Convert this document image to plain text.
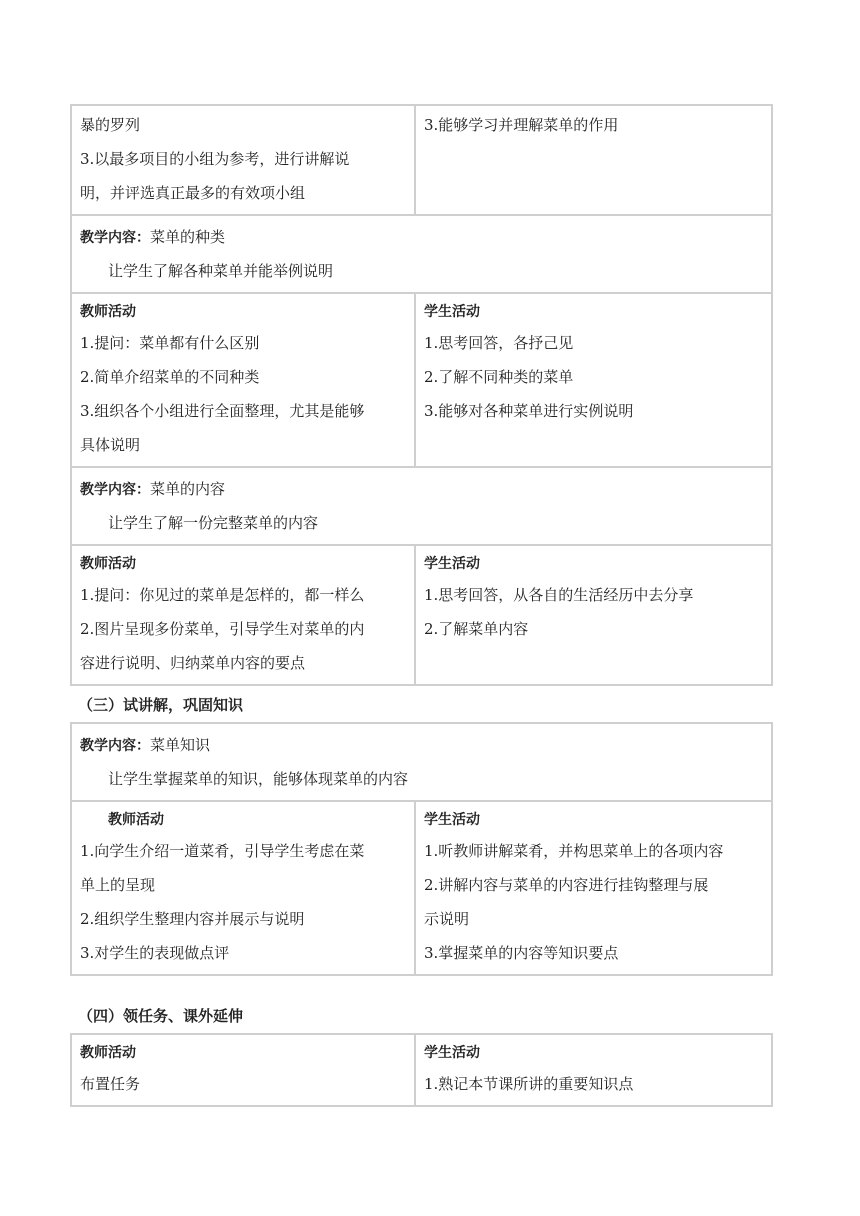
暴的罗列
3.以最多项目的小组为参考，进行讲解说
明，并评选真正最多的有效项小组
3.能够学习并理解菜单的作用
教学内容：菜单的种类
让学生了解各种菜单并能举例说明
教师活动
1.提问：菜单都有什么区别
2.简单介绍菜单的不同种类
3.组织各个小组进行全面整理，尤其是能够
具体说明
学生活动
1.思考回答，各抒己见
2.了解不同种类的菜单
3.能够对各种菜单进行实例说明
教学内容：菜单的内容
让学生了解一份完整菜单的内容
教师活动
1.提问：你见过的菜单是怎样的，都一样么
2.图片呈现多份菜单，引导学生对菜单的内
容进行说明、归纳菜单内容的要点
学生活动
1.思考回答，从各自的生活经历中去分享
2.了解菜单内容
（三）试讲解，巩固知识
教学内容：菜单知识
让学生掌握菜单的知识，能够体现菜单的内容
教师活动
1.向学生介绍一道菜肴，引导学生考虑在菜
单上的呈现
2.组织学生整理内容并展示与说明
3.对学生的表现做点评
学生活动
1.听教师讲解菜肴，并构思菜单上的各项内容
2.讲解内容与菜单的内容进行挂钩整理与展
示说明
3.掌握菜单的内容等知识要点
（四）领任务、课外延伸
教师活动
布置任务
学生活动
1.熟记本节课所讲的重要知识点
